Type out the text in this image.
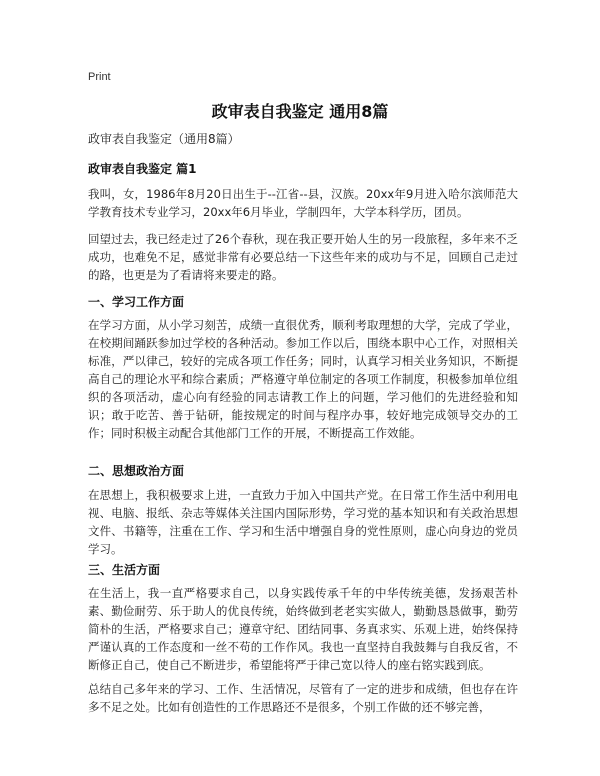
Print
政审表自我鉴定 通用8篇
政审表自我鉴定（通用8篇）
政审表自我鉴定 篇1
我叫，女，1986年8月20日出生于--江省--县，汉族。20xx年9月进入哈尔滨师范大学教育技术专业学习，20xx年6月毕业，学制四年，大学本科学历，团员。
回望过去，我已经走过了26个春秋，现在我正要开始人生的另一段旅程，多年来不乏成功，也难免不足，感觉非常有必要总结一下这些年来的成功与不足，回顾自己走过的路，也更是为了看请将来要走的路。
一、学习工作方面
在学习方面，从小学习刻苦，成绩一直很优秀，顺利考取理想的大学，完成了学业，在校期间踊跃参加过学校的各种活动。参加工作以后，围绕本职中心工作，对照相关标准，严以律己，较好的完成各项工作任务；同时，认真学习相关业务知识，不断提高自己的理论水平和综合素质；严格遵守单位制定的各项工作制度，积极参加单位组织的各项活动，虚心向有经验的同志请教工作上的问题，学习他们的先进经验和知识；敢于吃苦、善于钻研，能按规定的时间与程序办事，较好地完成领导交办的工作；同时积极主动配合其他部门工作的开展，不断提高工作效能。
二、思想政治方面
在思想上，我积极要求上进，一直致力于加入中国共产党。在日常工作生活中利用电视、电脑、报纸、杂志等媒体关注国内国际形势，学习党的基本知识和有关政治思想文件、书籍等，注重在工作、学习和生活中增强自身的党性原则，虚心向身边的党员学习。
三、生活方面
在生活上，我一直严格要求自己，以身实践传承千年的中华传统美德，发扬艰苦朴素、勤俭耐劳、乐于助人的优良传统，始终做到老老实实做人，勤勤恳恳做事，勤劳简朴的生活，严格要求自己；遵章守纪、团结同事、务真求实、乐观上进，始终保持严谨认真的工作态度和一丝不苟的工作作风。我也一直坚持自我鼓舞与自我反省，不断修正自己，使自己不断进步，希望能将严于律己宽以待人的座右铭实践到底。
总结自己多年来的学习、工作、生活情况，尽管有了一定的进步和成绩，但也存在许多不足之处。比如有创造性的工作思路还不是很多，个别工作做的还不够完善，
